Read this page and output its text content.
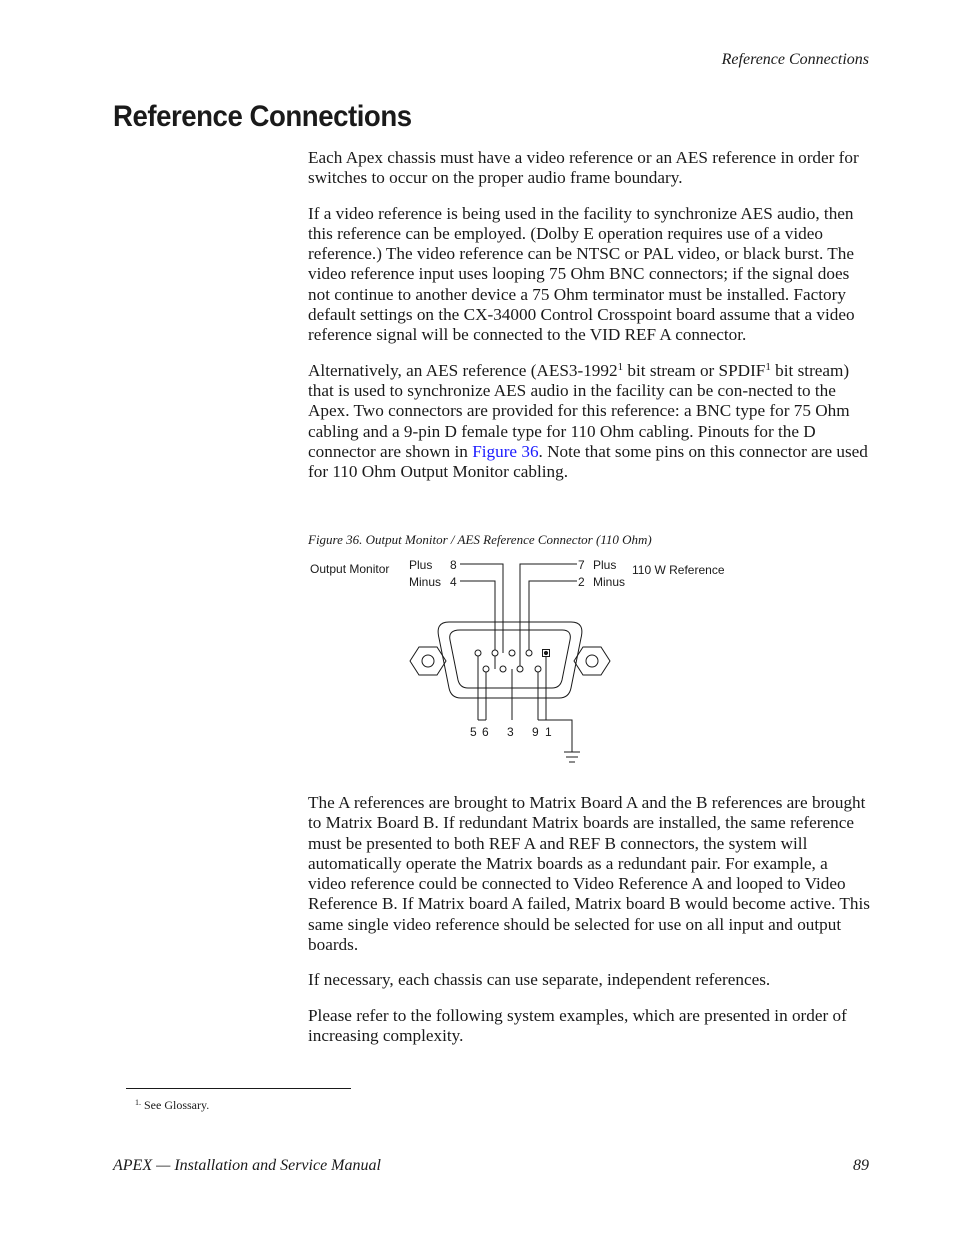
Reference Connections
Reference Connections

Each Apex chassis must have a video reference or an AES reference in order for switches to occur on the proper audio frame boundary.

If a video reference is being used in the facility to synchronize AES audio, then this reference can be employed. (Dolby E operation requires use of a video reference.) The video reference can be NTSC or PAL video, or black burst. The video reference input uses looping 75 Ohm BNC connectors; if the signal does not continue to another device a 75 Ohm terminator must be installed. Factory default settings on the CX-34000 Control Crosspoint board assume that a video reference signal will be connected to the VID REF A connector.

Alternatively, an AES reference (AES3-1992$^1$ bit stream or SPDIF$^1$ bit stream) that is used to synchronize AES audio in the facility can be con-nected to the Apex. Two connectors are provided for this reference: a BNC type for 75 Ohm cabling and a 9-pin D female type for 110 Ohm cabling. Pinouts for the D connector are shown in Figure 36. Note that some pins on this connector are used for 110 Ohm Output Monitor cabling.

Figure 36. Output Monitor / AES Reference Connector (110 Ohm)
Output Monitor Plus 8
Minus 4
7 Plus
2 Minus
110 W Reference
5 6 3 9 1

The A references are brought to Matrix Board A and the B references are brought to Matrix Board B. If redundant Matrix boards are installed, the same reference must be presented to both REF A and REF B connectors, the system will automatically operate the Matrix boards as a redundant pair. For example, a video reference could be connected to Video Reference A and looped to Video Reference B. If Matrix board A failed, Matrix board B would become active. This same single video reference should be selected for use on all input and output boards.

If necessary, each chassis can use separate, independent references.

Please refer to the following system examples, which are presented in order of increasing complexity.

$^{1.}$ See Glossary.
APEX — Installation and Service Manual	89
